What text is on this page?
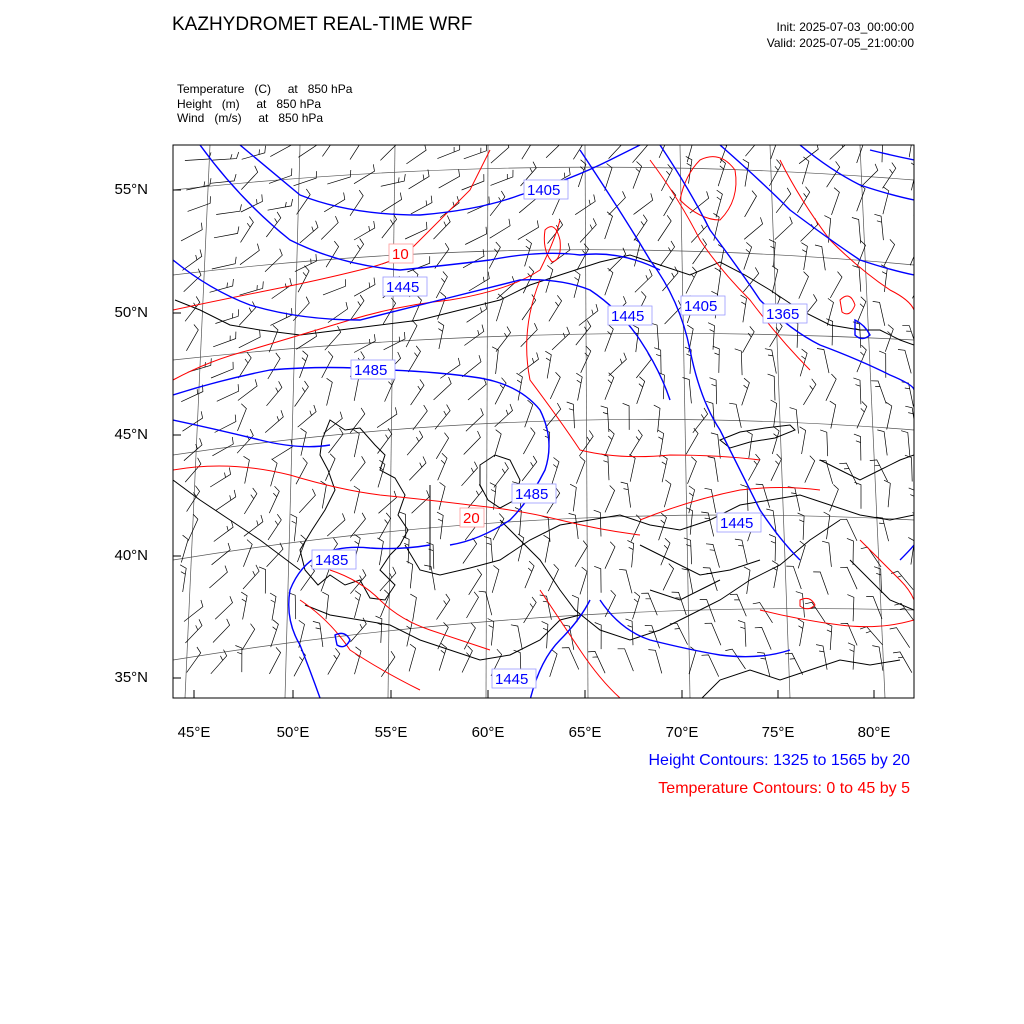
KAZHYDROMET REAL-TIME WRF	Init: 2025-07-03_00:00:00
Valid: 2025-07-05_21:00:00
Temperature   (C)     at   850 hPa
Height   (m)     at   850 hPa
Wind   (m/s)     at   850 hPa
1405
1445
1445
1405	1365
1485
1485
1445
1485
1445
10
20
55°N
50°N
45°N
40°N
35°N
45°E	50°E	55°E	60°E	65°E	70°E	75°E	80°E
Height Contours: 1325 to 1565 by 20
Temperature Contours: 0 to 45 by 5
